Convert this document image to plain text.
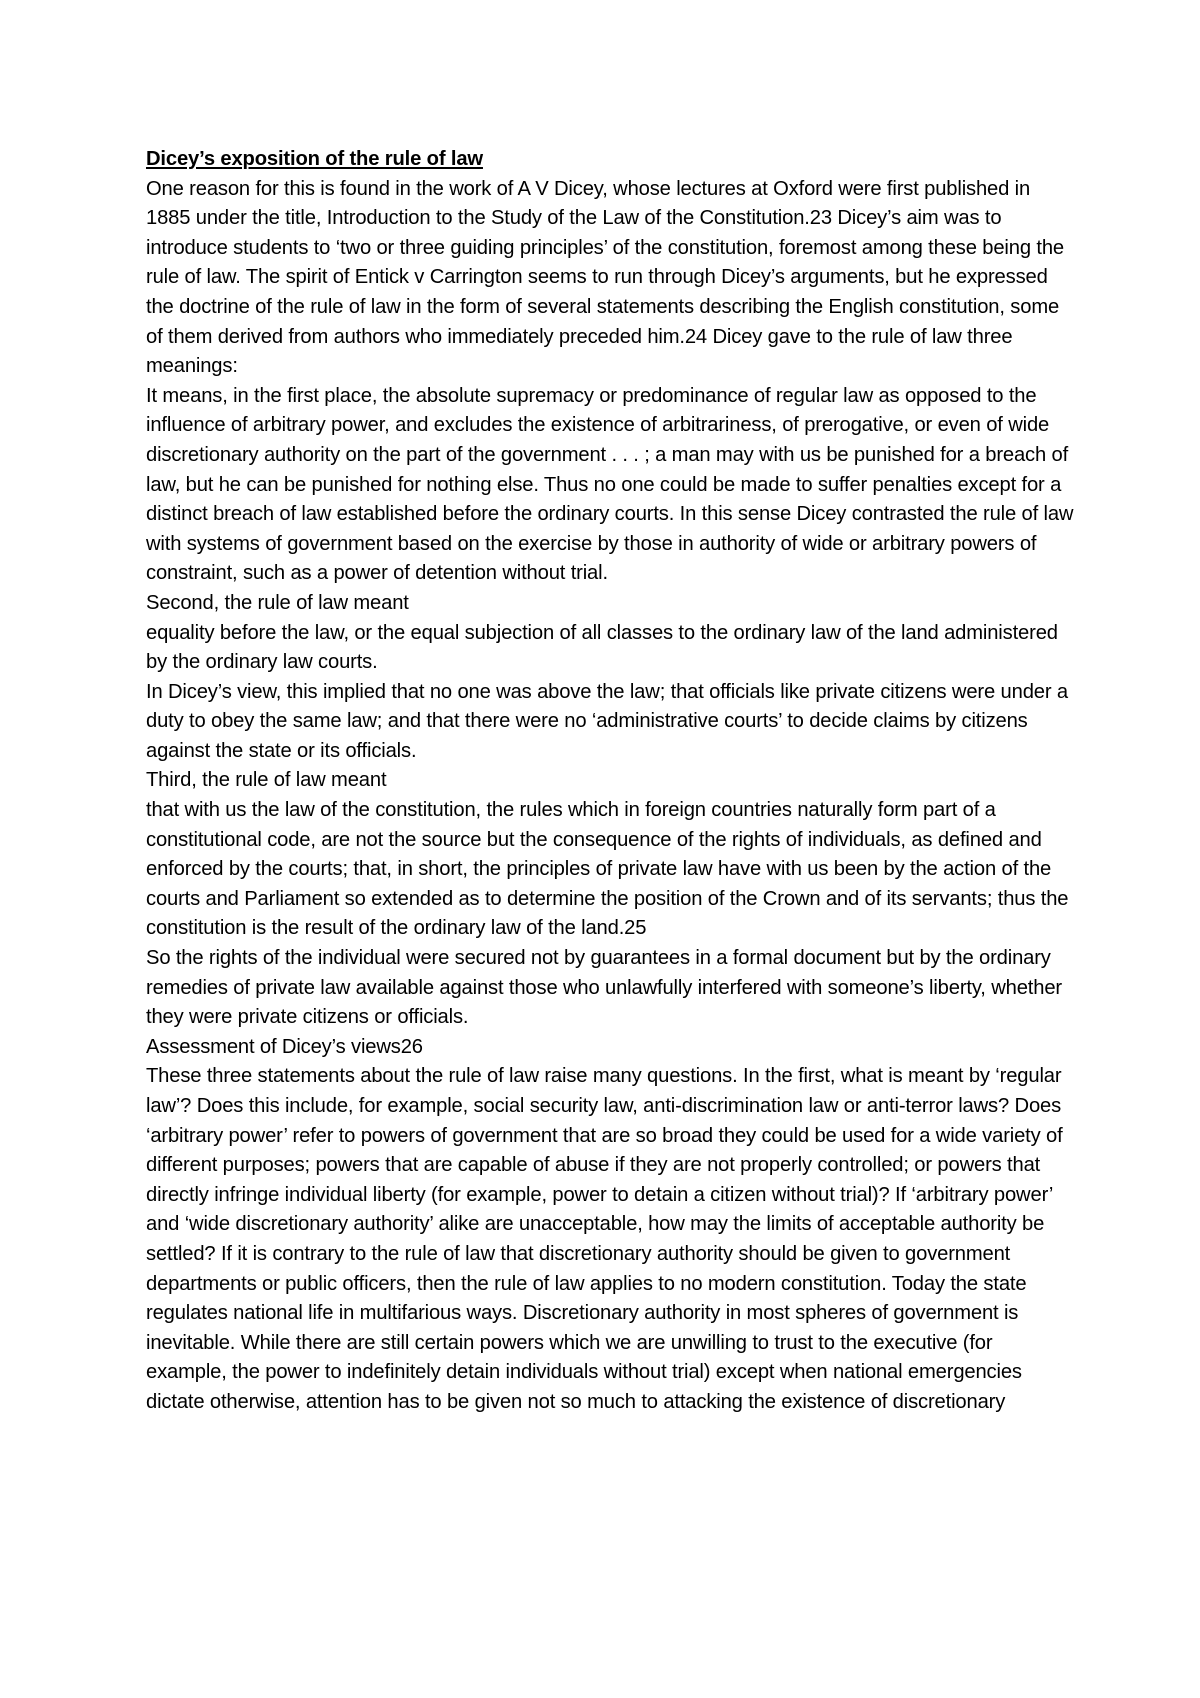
Dicey’s exposition of the rule of law

One reason for this is found in the work of A V Dicey, whose lectures at Oxford were first published in 1885 under the title, Introduction to the Study of the Law of the Constitution.23 Dicey’s aim was to introduce students to ‘two or three guiding principles’ of the constitution, foremost among these being the rule of law. The spirit of Entick v Carrington seems to run through Dicey’s arguments, but he expressed the doctrine of the rule of law in the form of several statements describing the English constitution, some of them derived from authors who immediately preceded him.24 Dicey gave to the rule of law three meanings:

It means, in the first place, the absolute supremacy or predominance of regular law as opposed to the influence of arbitrary power, and excludes the existence of arbitrariness, of prerogative, or even of wide discretionary authority on the part of the government . . . ; a man may with us be punished for a breach of law, but he can be punished for nothing else. Thus no one could be made to suffer penalties except for a distinct breach of law established before the ordinary courts. In this sense Dicey contrasted the rule of law with systems of government based on the exercise by those in authority of wide or arbitrary powers of constraint, such as a power of detention without trial.

Second, the rule of law meant

equality before the law, or the equal subjection of all classes to the ordinary law of the land administered by the ordinary law courts.

In Dicey’s view, this implied that no one was above the law; that officials like private citizens were under a duty to obey the same law; and that there were no ‘administrative courts’ to decide claims by citizens against the state or its officials.

Third, the rule of law meant

that with us the law of the constitution, the rules which in foreign countries naturally form part of a constitutional code, are not the source but the consequence of the rights of individuals, as defined and enforced by the courts; that, in short, the principles of private law have with us been by the action of the courts and Parliament so extended as to determine the position of the Crown and of its servants; thus the constitution is the result of the ordinary law of the land.25

So the rights of the individual were secured not by guarantees in a formal document but by the ordinary remedies of private law available against those who unlawfully interfered with someone’s liberty, whether they were private citizens or officials.

Assessment of Dicey’s views26

These three statements about the rule of law raise many questions. In the first, what is meant by ‘regular law’? Does this include, for example, social security law, anti-discrimination law or anti-terror laws? Does ‘arbitrary power’ refer to powers of government that are so broad they could be used for a wide variety of different purposes; powers that are capable of abuse if they are not properly controlled; or powers that directly infringe individual liberty (for example, power to detain a citizen without trial)? If ‘arbitrary power’ and ‘wide discretionary authority’ alike are unacceptable, how may the limits of acceptable authority be settled? If it is contrary to the rule of law that discretionary authority should be given to government departments or public officers, then the rule of law applies to no modern constitution. Today the state regulates national life in multifarious ways. Discretionary authority in most spheres of government is inevitable. While there are still certain powers which we are unwilling to trust to the executive (for example, the power to indefinitely detain individuals without trial) except when national emergencies dictate otherwise, attention has to be given not so much to attacking the existence of discretionary
